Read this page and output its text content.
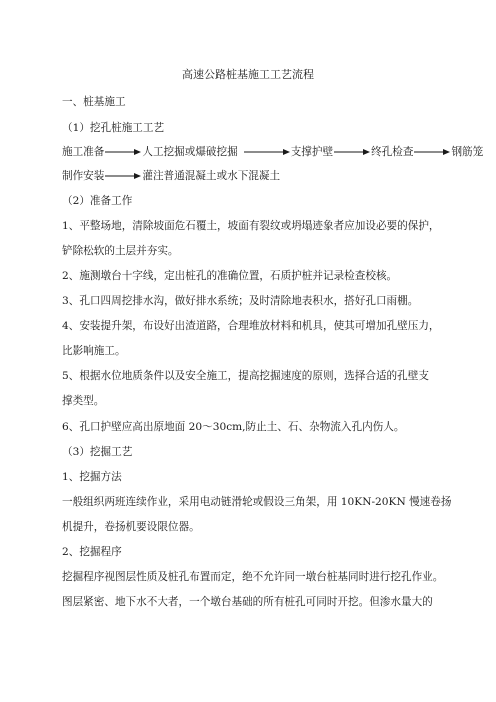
高速公路桩基施工工艺流程
一、桩基施工
（1）挖孔桩施工工艺
施工准备	人工挖掘或爆破挖掘	支撑护壁	终孔检查	钢筋笼
制作安装	灌注普通混凝土或水下混凝土
（2）准备工作
1、平整场地，清除坡面危石覆土，坡面有裂纹或坍塌迹象者应加设必要的保护，
铲除松软的土层并夯实。
2、施测墩台十字线，定出桩孔的准确位置，石质护桩并记录检查校核。
3、孔口四周挖排水沟，做好排水系统；及时清除地表积水，搭好孔口雨棚。
4、安装提升架，布设好出渣道路，合理堆放材料和机具，使其可增加孔壁压力，
比影响施工。
5、根据水位地质条件以及安全施工，提高挖掘速度的原则，选择合适的孔壁支
撑类型。
6、孔口护壁应高出原地面 20～30cm,防止土、石、杂物流入孔内伤人。
（3）挖掘工艺
1、挖掘方法
一般组织两班连续作业，采用电动链滑轮或假设三角架，用 10KN-20KN 慢速卷扬
机提升，卷扬机要设限位器。
2、挖掘程序
挖掘程序视图层性质及桩孔布置而定，绝不允许同一墩台桩基同时进行挖孔作业。
图层紧密、地下水不大者，一个墩台基础的所有桩孔可同时开挖。但渗水量大的
